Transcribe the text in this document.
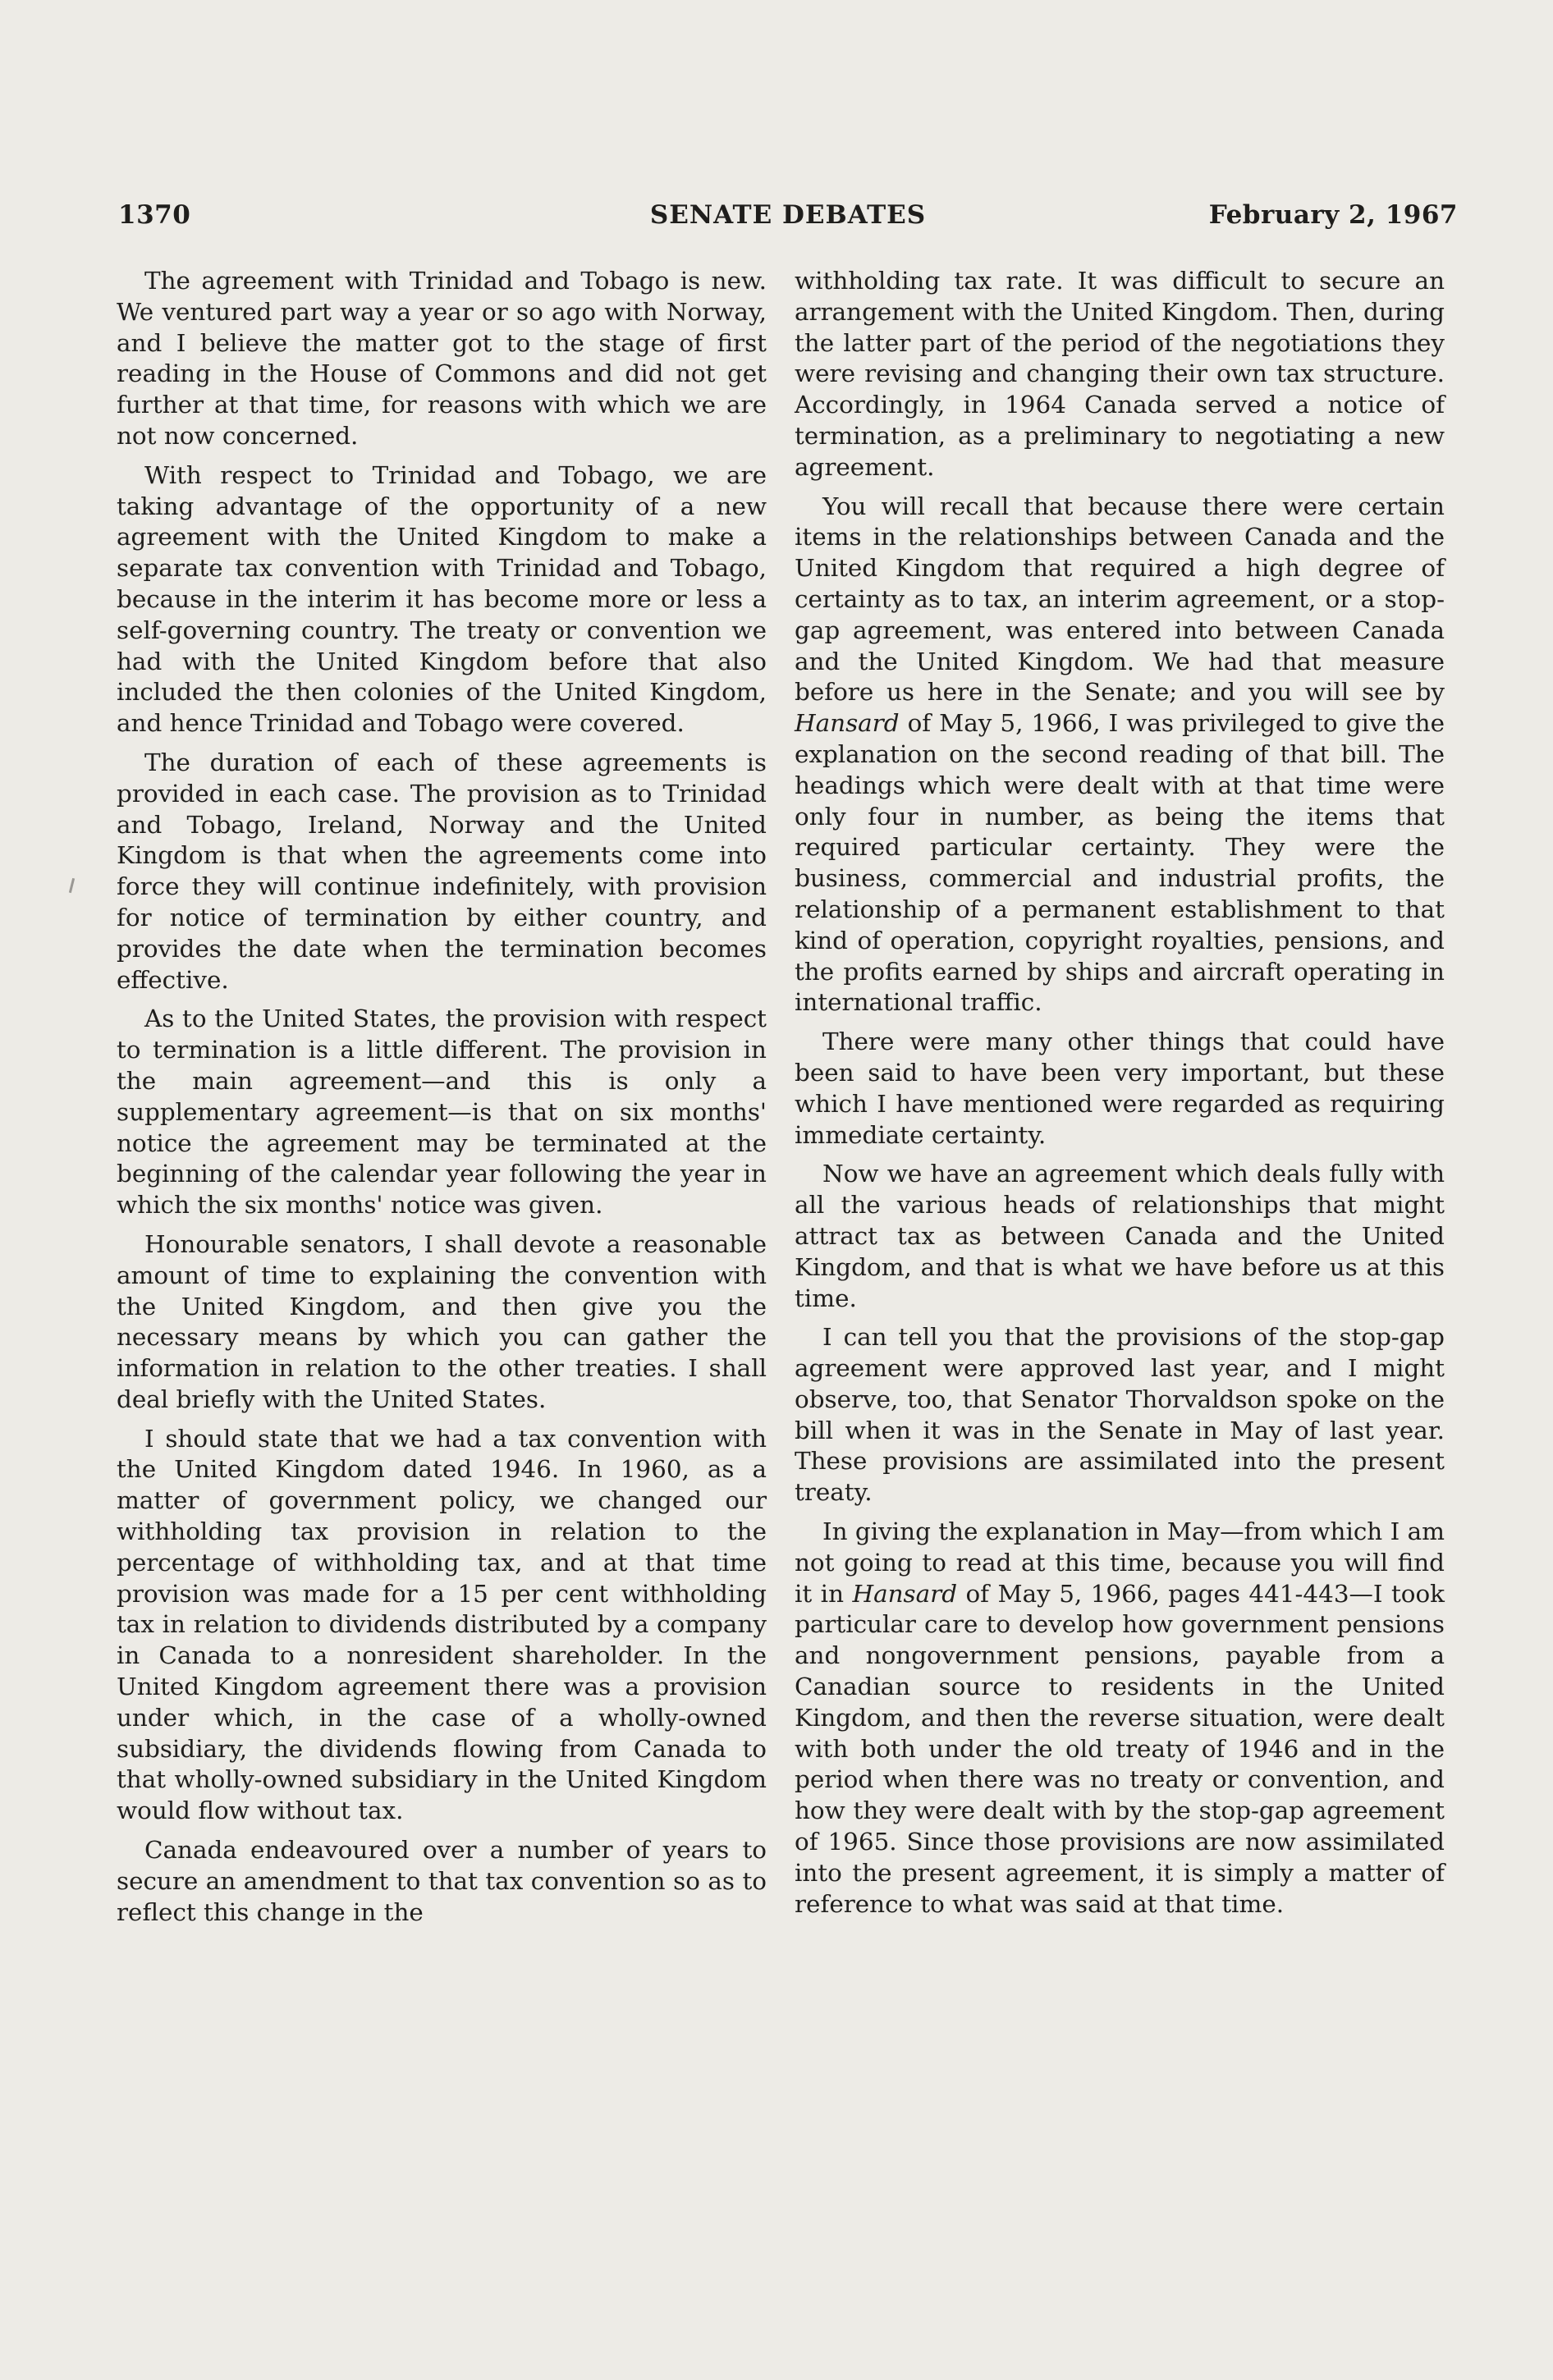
1370	SENATE DEBATES	February 2, 1967

The agreement with Trinidad and Tobago is new. We ventured part way a year or so ago with Norway, and I believe the matter got to the stage of first reading in the House of Commons and did not get further at that time, for reasons with which we are not now concerned.

With respect to Trinidad and Tobago, we are taking advantage of the opportunity of a new agreement with the United Kingdom to make a separate tax convention with Trinidad and Tobago, because in the interim it has become more or less a self-governing country. The treaty or convention we had with the United Kingdom before that also included the then colonies of the United Kingdom, and hence Trinidad and Tobago were covered.

The duration of each of these agreements is provided in each case. The provision as to Trinidad and Tobago, Ireland, Norway and the United Kingdom is that when the agreements come into force they will continue indefinitely, with provision for notice of termination by either country, and provides the date when the termination becomes effective.

As to the United States, the provision with respect to termination is a little different. The provision in the main agreement—and this is only a supplementary agreement—is that on six months' notice the agreement may be terminated at the beginning of the calendar year following the year in which the six months' notice was given.

Honourable senators, I shall devote a reasonable amount of time to explaining the convention with the United Kingdom, and then give you the necessary means by which you can gather the information in relation to the other treaties. I shall deal briefly with the United States.

I should state that we had a tax convention with the United Kingdom dated 1946. In 1960, as a matter of government policy, we changed our withholding tax provision in relation to the percentage of withholding tax, and at that time provision was made for a 15 per cent withholding tax in relation to dividends distributed by a company in Canada to a nonresident shareholder. In the United Kingdom agreement there was a provision under which, in the case of a wholly-owned subsidiary, the dividends flowing from Canada to that wholly-owned subsidiary in the United Kingdom would flow without tax.

Canada endeavoured over a number of years to secure an amendment to that tax convention so as to reflect this change in the

withholding tax rate. It was difficult to secure an arrangement with the United Kingdom. Then, during the latter part of the period of the negotiations they were revising and changing their own tax structure. Accordingly, in 1964 Canada served a notice of termination, as a preliminary to negotiating a new agreement.

You will recall that because there were certain items in the relationships between Canada and the United Kingdom that required a high degree of certainty as to tax, an interim agreement, or a stop-gap agreement, was entered into between Canada and the United Kingdom. We had that measure before us here in the Senate; and you will see by Hansard of May 5, 1966, I was privileged to give the explanation on the second reading of that bill. The headings which were dealt with at that time were only four in number, as being the items that required particular certainty. They were the business, commercial and industrial profits, the relationship of a permanent establishment to that kind of operation, copyright royalties, pensions, and the profits earned by ships and aircraft operating in international traffic.

There were many other things that could have been said to have been very important, but these which I have mentioned were regarded as requiring immediate certainty.

Now we have an agreement which deals fully with all the various heads of relationships that might attract tax as between Canada and the United Kingdom, and that is what we have before us at this time.

I can tell you that the provisions of the stop-gap agreement were approved last year, and I might observe, too, that Senator Thorvaldson spoke on the bill when it was in the Senate in May of last year. These provisions are assimilated into the present treaty.

In giving the explanation in May—from which I am not going to read at this time, because you will find it in Hansard of May 5, 1966, pages 441-443—I took particular care to develop how government pensions and nongovernment pensions, payable from a Canadian source to residents in the United Kingdom, and then the reverse situation, were dealt with both under the old treaty of 1946 and in the period when there was no treaty or convention, and how they were dealt with by the stop-gap agreement of 1965. Since those provisions are now assimilated into the present agreement, it is simply a matter of reference to what was said at that time.
